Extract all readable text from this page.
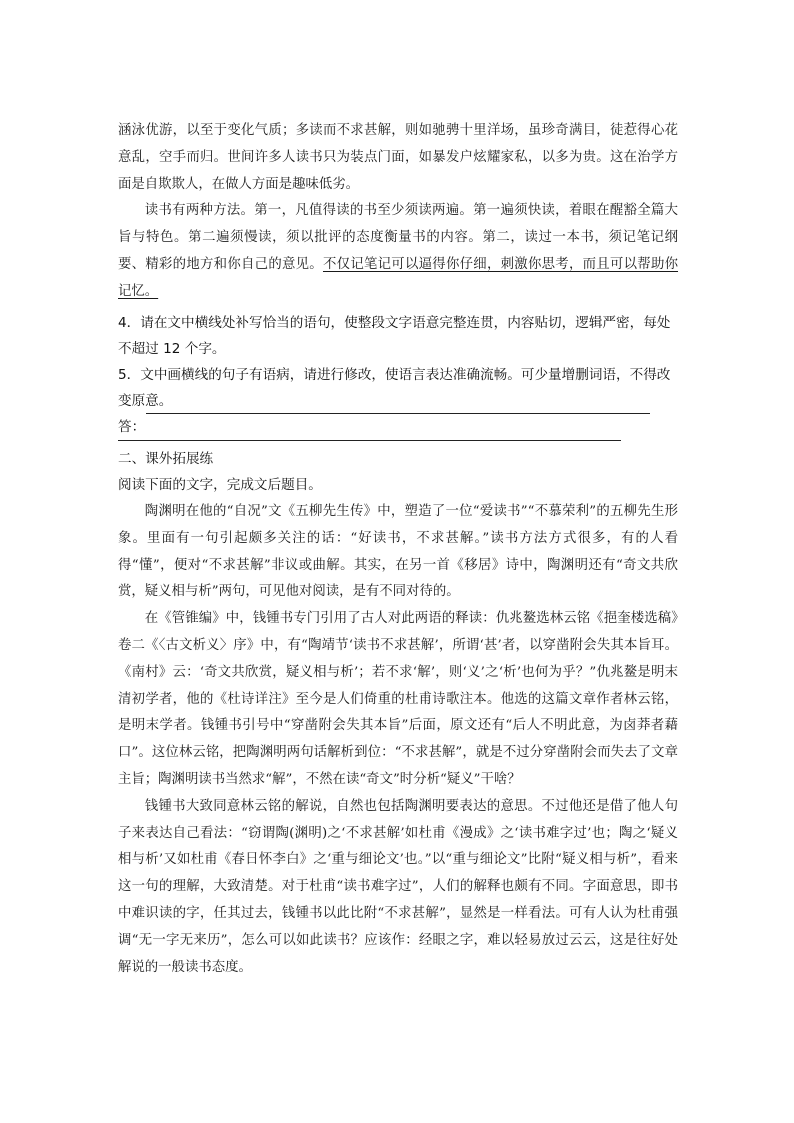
涵泳优游，以至于变化气质；多读而不求甚解，则如驰骋十里洋场，虽珍奇满目，徒惹得心花意乱，空手而归。世间许多人读书只为装点门面，如暴发户炫耀家私，以多为贵。这在治学方面是自欺欺人，在做人方面是趣味低劣。

读书有两种方法。第一，凡值得读的书至少须读两遍。第一遍须快读，着眼在醒豁全篇大旨与特色。第二遍须慢读，须以批评的态度衡量书的内容。第二，读过一本书，须记笔记纲要、精彩的地方和你自己的意见。不仅记笔记可以逼得你仔细，刺激你思考，而且可以帮助你记忆。

4．请在文中横线处补写恰当的语句，使整段文字语意完整连贯，内容贴切，逻辑严密，每处不超过 12 个字。

5．文中画横线的句子有语病，请进行修改，使语言表达准确流畅。可少量增删词语，不得改变原意。

答：

二、课外拓展练

阅读下面的文字，完成文后题目。

陶渊明在他的“自况”文《五柳先生传》中，塑造了一位“爱读书”“不慕荣利”的五柳先生形象。里面有一句引起颇多关注的话：“好读书，不求甚解。”读书方法方式很多，有的人看得“懂”，便对“不求甚解”非议或曲解。其实，在另一首《移居》诗中，陶渊明还有“奇文共欣赏，疑义相与析”两句，可见他对阅读，是有不同对待的。

在《管锥编》中，钱锺书专门引用了古人对此两语的释读：仇兆鳌选林云铭《挹奎楼选稿》卷二《〈古文析义〉序》中，有“陶靖节‘读书不求甚解’，所谓‘甚’者，以穿凿附会失其本旨耳。《南村》云：‘奇文共欣赏，疑义相与析’；若不求‘解’，则‘义’之‘析’也何为乎？”仇兆鳌是明末清初学者，他的《杜诗详注》至今是人们倚重的杜甫诗歌注本。他选的这篇文章作者林云铭，是明末学者。钱锺书引号中“穿凿附会失其本旨”后面，原文还有“后人不明此意，为卤莽者藉口”。这位林云铭，把陶渊明两句话解析到位：“不求甚解”，就是不过分穿凿附会而失去了文章主旨；陶渊明读书当然求“解”，不然在读“奇文”时分析“疑义”干啥？

钱锺书大致同意林云铭的解说，自然也包括陶渊明要表达的意思。不过他还是借了他人句子来表达自己看法：“窃谓陶(渊明)之‘不求甚解’如杜甫《漫成》之‘读书难字过’也；陶之‘疑义相与析’又如杜甫《春日怀李白》之‘重与细论文’也。”以“重与细论文”比附“疑义相与析”，看来这一句的理解，大致清楚。对于杜甫“读书难字过”，人们的解释也颇有不同。字面意思，即书中难识读的字，任其过去，钱锺书以此比附“不求甚解”，显然是一样看法。可有人认为杜甫强调“无一字无来历”，怎么可以如此读书？应该作：经眼之字，难以轻易放过云云，这是往好处解说的一般读书态度。
